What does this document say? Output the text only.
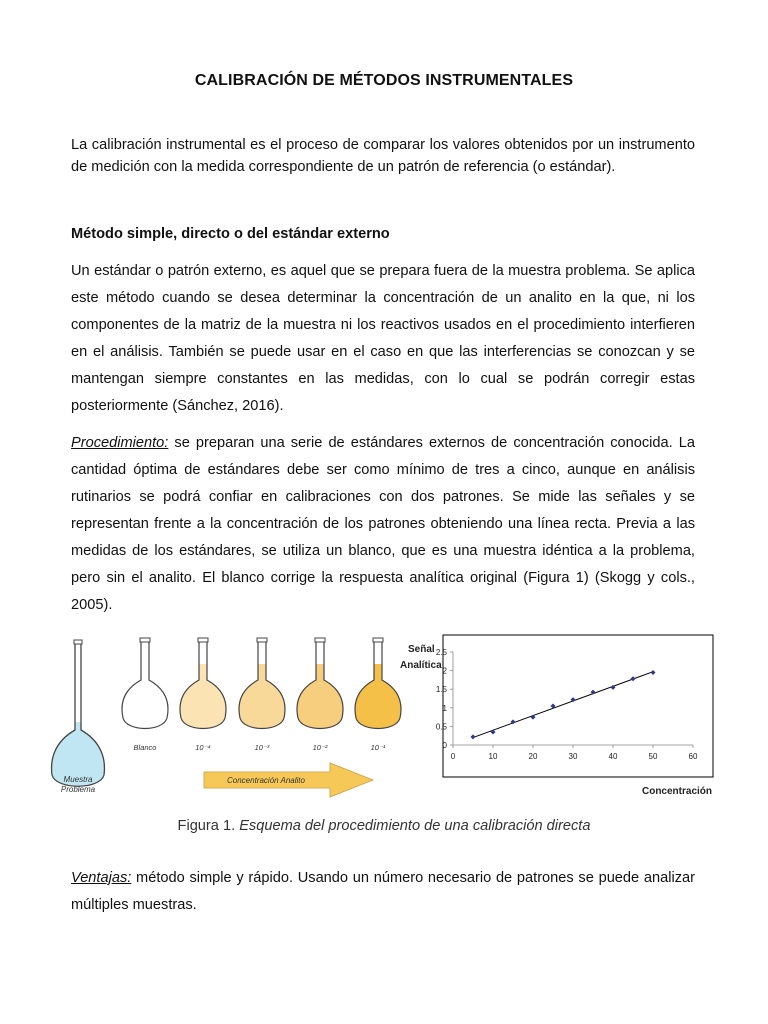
CALIBRACIÓN DE MÉTODOS INSTRUMENTALES

La calibración instrumental es el proceso de comparar los valores obtenidos por un instrumento de medición con la medida correspondiente de un patrón de referencia (o estándar).

Método simple, directo o del estándar externo

Un estándar o patrón externo, es aquel que se prepara fuera de la muestra problema. Se aplica este método cuando se desea determinar la concentración de un analito en la que, ni los componentes de la matriz de la muestra ni los reactivos usados en el procedimiento interfieren en el análisis. También se puede usar en el caso en que las interferencias se conozcan y se mantengan siempre constantes en las medidas, con lo cual se podrán corregir estas posteriormente (Sánchez, 2016).

Procedimiento: se preparan una serie de estándares externos de concentración conocida. La cantidad óptima de estándares debe ser como mínimo de tres a cinco, aunque en análisis rutinarios se podrá confiar en calibraciones con dos patrones. Se mide las señales y se representan frente a la concentración de los patrones obteniendo una línea recta. Previa a las medidas de los estándares, se utiliza un blanco, que es una muestra idéntica a la problema, pero sin el analito. El blanco corrige la respuesta analítica original (Figura 1) (Skogg y cols., 2005).

Muestra
Problema
Blanco	10⁻⁴	10⁻³	10⁻²	10⁻¹
Concentración Analito
Señal
Analítica
0	10	20	30	40	50	60
0
0.5
1
1.5
2
2.5
Concentración
Figura 1. Esquema del procedimiento de una calibración directa

Ventajas: método simple y rápido. Usando un número necesario de patrones se puede analizar múltiples muestras.
